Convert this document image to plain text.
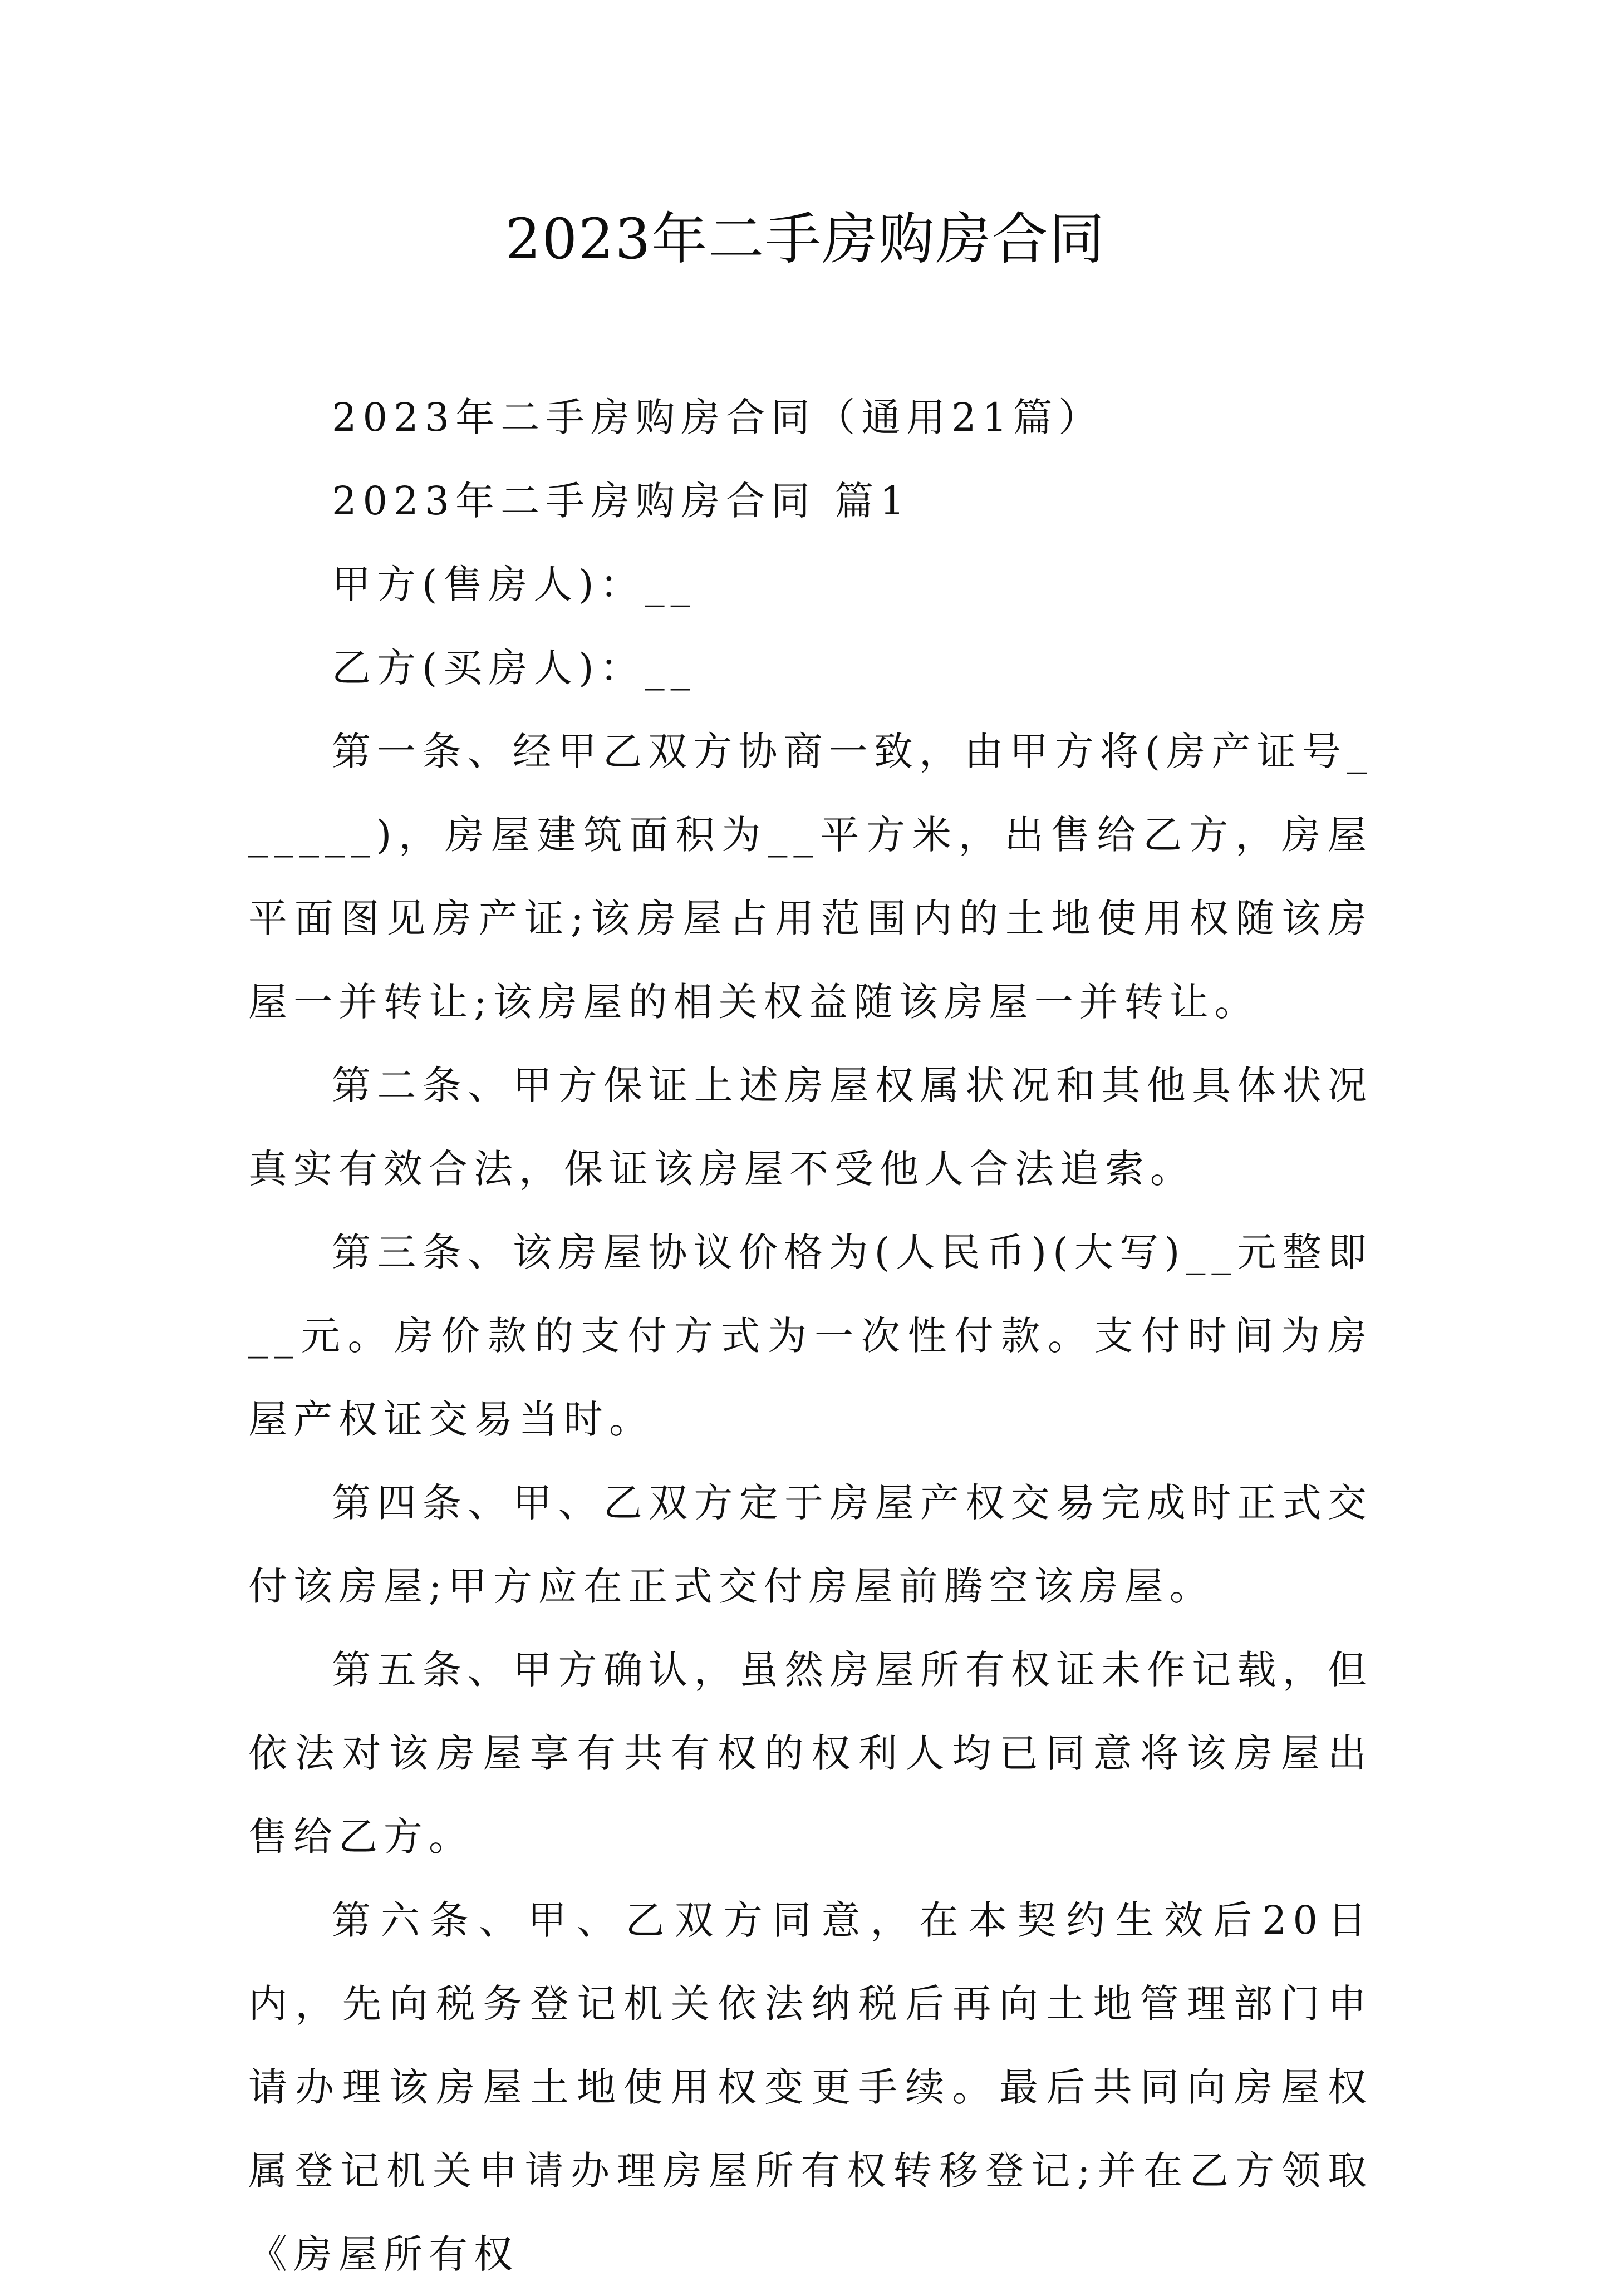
2023年二手房购房合同
2023年二手房购房合同（通用21篇）
2023年二手房购房合同 篇1
甲方(售房人)：__
乙方(买房人)：__

第一条、经甲乙双方协商一致，由甲方将(房产证号______)，房屋建筑面积为__平方米，出售给乙方，房屋平面图见房产证;该房屋占用范围内的土地使用权随该房屋一并转让;该房屋的相关权益随该房屋一并转让。

第二条、甲方保证上述房屋权属状况和其他具体状况真实有效合法，保证该房屋不受他人合法追索。

第三条、该房屋协议价格为(人民币)(大写)__元整即__元。房价款的支付方式为一次性付款。支付时间为房屋产权证交易当时。

第四条、甲、乙双方定于房屋产权交易完成时正式交付该房屋;甲方应在正式交付房屋前腾空该房屋。

第五条、甲方确认，虽然房屋所有权证未作记载，但依法对该房屋享有共有权的权利人均已同意将该房屋出售给乙方。

第六条、甲、乙双方同意，在本契约生效后20日内，先向税务登记机关依法纳税后再向土地管理部门申请办理该房屋土地使用权变更手续。最后共同向房屋权属登记机关申请办理房屋所有权转移登记;并在乙方领取《房屋所有权
